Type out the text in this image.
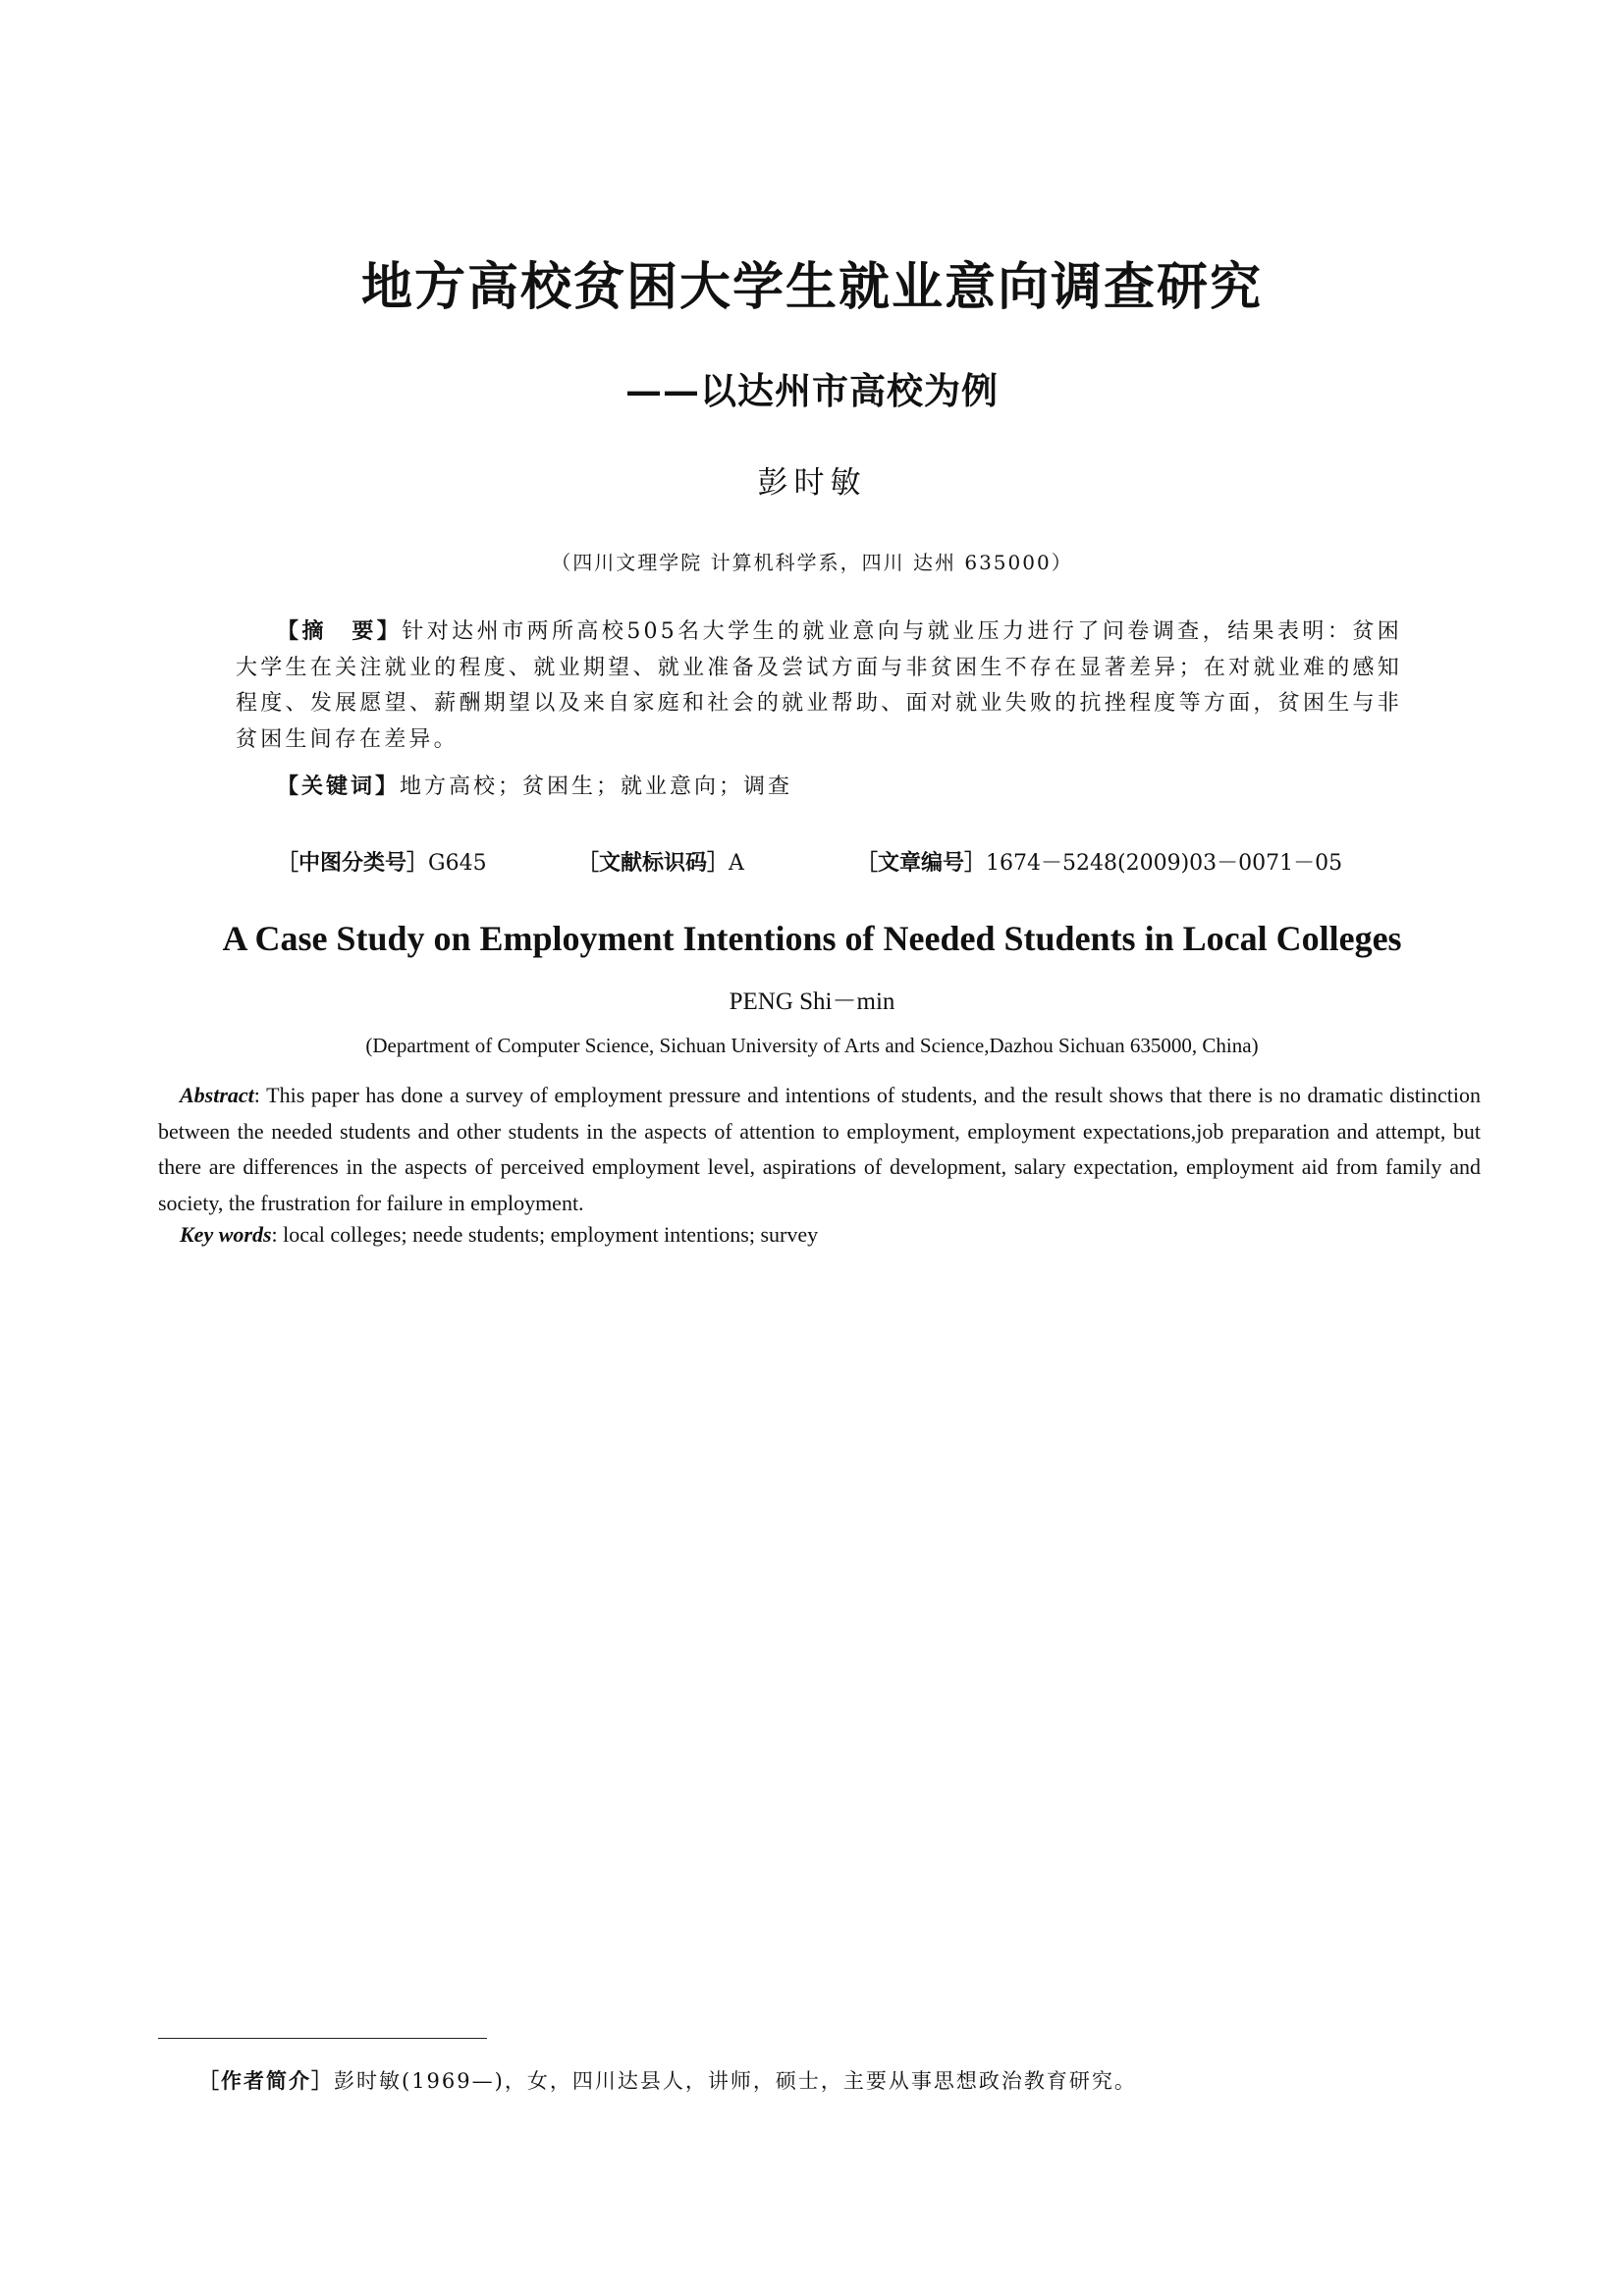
地方高校贫困大学生就业意向调查研究
——以达州市高校为例
彭时敏
（四川文理学院 计算机科学系，四川 达州 635000）
【摘　要】针对达州市两所高校505名大学生的就业意向与就业压力进行了问卷调查，结果表明：贫困大学生在关注就业的程度、就业期望、就业准备及尝试方面与非贫困生不存在显著差异；在对就业难的感知程度、发展愿望、薪酬期望以及来自家庭和社会的就业帮助、面对就业失败的抗挫程度等方面，贫困生与非贫困生间存在差异。
【关键词】地方高校；贫困生；就业意向；调查
［中图分类号］G645	［文献标识码］A	［文章编号］1674－5248(2009)03－0071－05
A Case Study on Employment Intentions of Needed Students in Local Colleges
PENG Shi－min
(Department of Computer Science, Sichuan University of Arts and Science,Dazhou Sichuan 635000, China)
Abstract: This paper has done a survey of employment pressure and intentions of students, and the result shows that there is no dramatic distinction between the needed students and other students in the aspects of attention to employment, employment expectations,job preparation and attempt, but there are differences in the aspects of perceived employment level, aspirations of development, salary expectation, employment aid from family and society, the frustration for failure in employment.
Key words: local colleges; neede students; employment intentions; survey
［作者简介］彭时敏(1969—)，女，四川达县人，讲师，硕士，主要从事思想政治教育研究。
